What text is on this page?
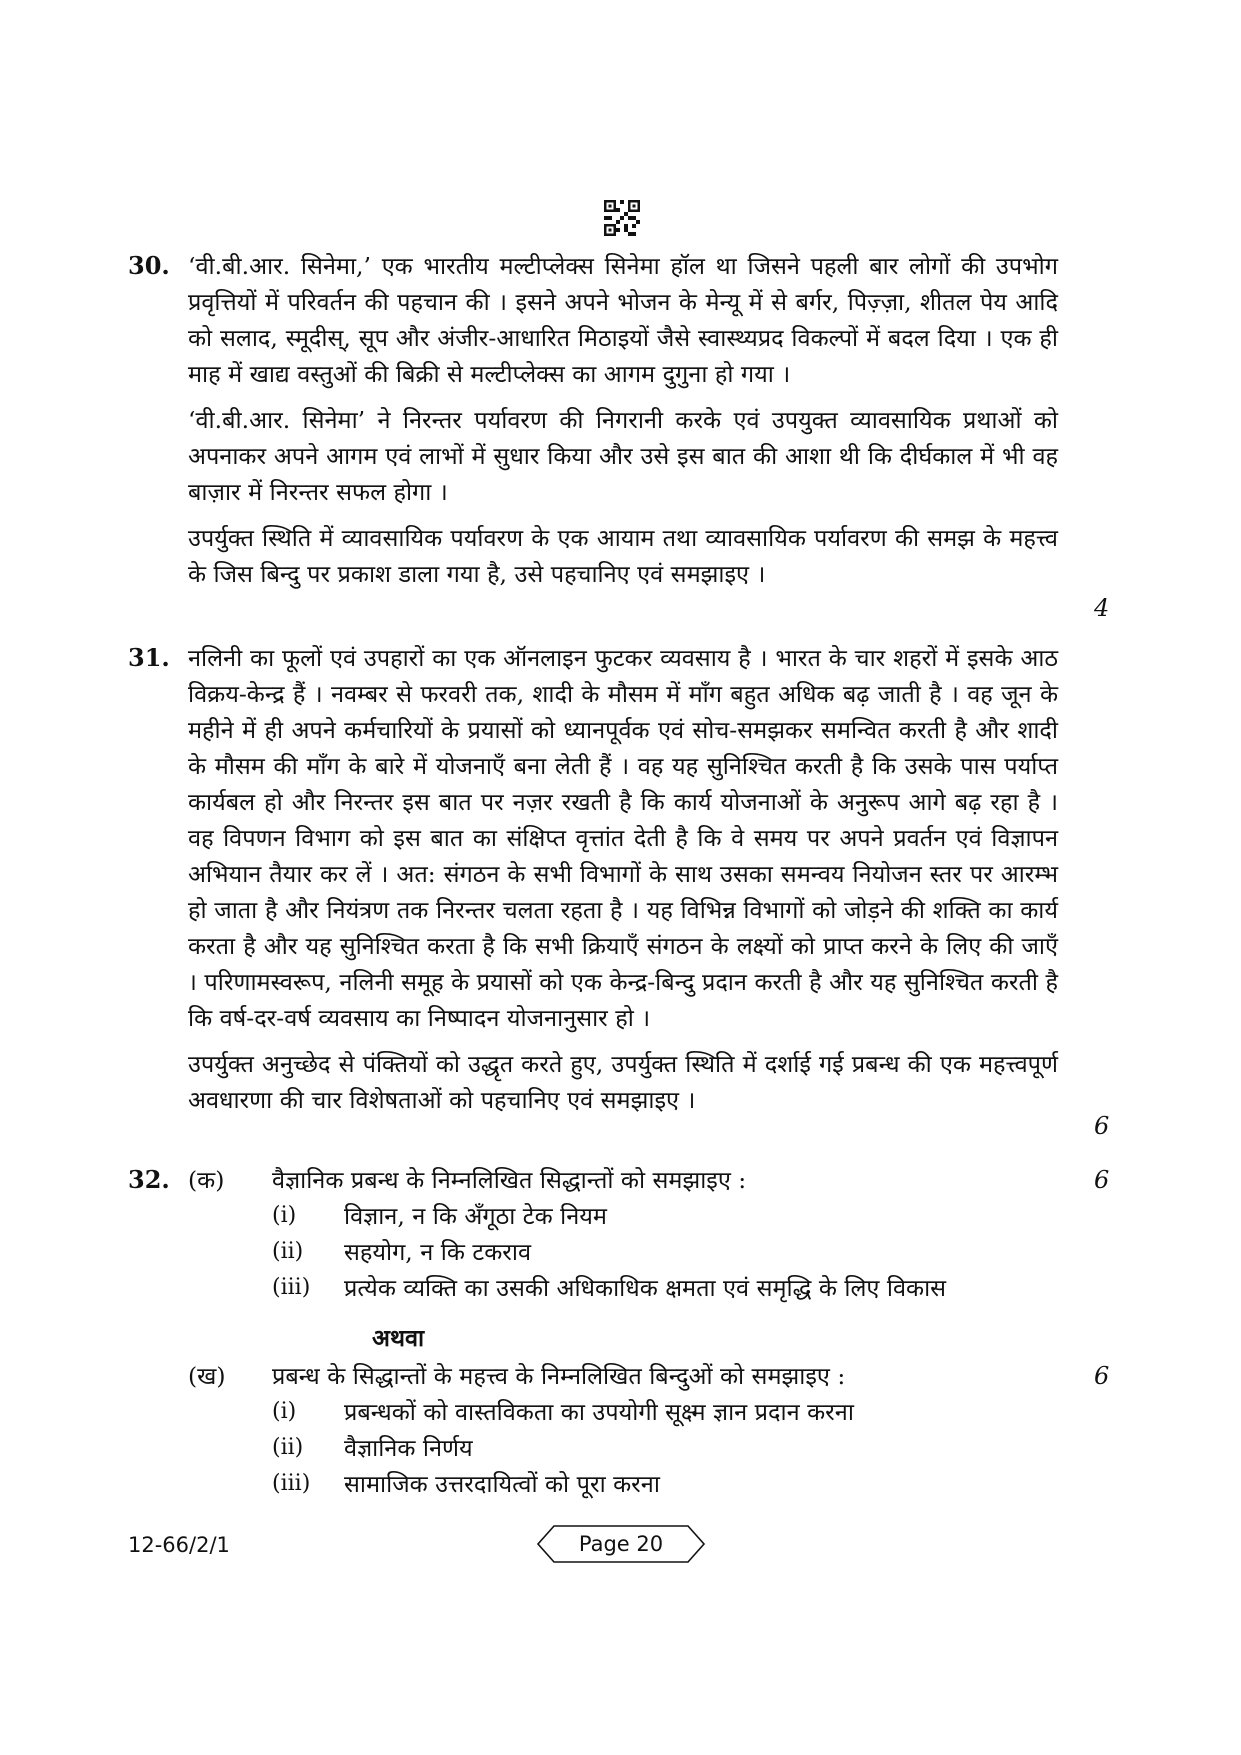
30. ‘वी.बी.आर. सिनेमा,’ एक भारतीय मल्टीप्लेक्स सिनेमा हॉल था जिसने पहली बार लोगों की उपभोग प्रवृत्तियों में परिवर्तन की पहचान की । इसने अपने भोजन के मेन्यू में से बर्गर, पिज़्ज़ा, शीतल पेय आदि को सलाद, स्मूदीस्, सूप और अंजीर-आधारित मिठाइयों जैसे स्वास्थ्यप्रद विकल्पों में बदल दिया । एक ही माह में खाद्य वस्तुओं की बिक्री से मल्टीप्लेक्स का आगम दुगुना हो गया ।

‘वी.बी.आर. सिनेमा’ ने निरन्तर पर्यावरण की निगरानी करके एवं उपयुक्त व्यावसायिक प्रथाओं को अपनाकर अपने आगम एवं लाभों में सुधार किया और उसे इस बात की आशा थी कि दीर्घकाल में भी वह बाज़ार में निरन्तर सफल होगा ।

उपर्युक्त स्थिति में व्यावसायिक पर्यावरण के एक आयाम तथा व्यावसायिक पर्यावरण की समझ के महत्त्व के जिस बिन्दु पर प्रकाश डाला गया है, उसे पहचानिए एवं समझाइए ।

4
31. नलिनी का फूलों एवं उपहारों का एक ऑनलाइन फुटकर व्यवसाय है । भारत के चार शहरों में इसके आठ विक्रय-केन्द्र हैं । नवम्बर से फरवरी तक, शादी के मौसम में माँग बहुत अधिक बढ़ जाती है । वह जून के महीने में ही अपने कर्मचारियों के प्रयासों को ध्यानपूर्वक एवं सोच-समझकर समन्वित करती है और शादी के मौसम की माँग के बारे में योजनाएँ बना लेती हैं । वह यह सुनिश्चित करती है कि उसके पास पर्याप्त कार्यबल हो और निरन्तर इस बात पर नज़र रखती है कि कार्य योजनाओं के अनुरूप आगे बढ़ रहा है । वह विपणन विभाग को इस बात का संक्षिप्त वृत्तांत देती है कि वे समय पर अपने प्रवर्तन एवं विज्ञापन अभियान तैयार कर लें । अत: संगठन के सभी विभागों के साथ उसका समन्वय नियोजन स्तर पर आरम्भ हो जाता है और नियंत्रण तक निरन्तर चलता रहता है । यह विभिन्न विभागों को जोड़ने की शक्ति का कार्य करता है और यह सुनिश्चित करता है कि सभी क्रियाएँ संगठन के लक्ष्यों को प्राप्त करने के लिए की जाएँ । परिणामस्वरूप, नलिनी समूह के प्रयासों को एक केन्द्र-बिन्दु प्रदान करती है और यह सुनिश्चित करती है कि वर्ष-दर-वर्ष व्यवसाय का निष्पादन योजनानुसार हो ।

उपर्युक्त अनुच्छेद से पंक्तियों को उद्धृत करते हुए, उपर्युक्त स्थिति में दर्शाई गई प्रबन्ध की एक महत्त्वपूर्ण अवधारणा की चार विशेषताओं को पहचानिए एवं समझाइए ।

6
32. (क) वैज्ञानिक प्रबन्ध के निम्नलिखित सिद्धान्तों को समझाइए :
(i) विज्ञान, न कि अँगूठा टेक नियम
(ii) सहयोग, न कि टकराव
(iii) प्रत्येक व्यक्ति का उसकी अधिकाधिक क्षमता एवं समृद्धि के लिए विकास
अथवा
(ख) प्रबन्ध के सिद्धान्तों के महत्त्व के निम्नलिखित बिन्दुओं को समझाइए :
(i) प्रबन्धकों को वास्तविकता का उपयोगी सूक्ष्म ज्ञान प्रदान करना
(ii) वैज्ञानिक निर्णय
(iii) सामाजिक उत्तरदायित्वों को पूरा करना
6
6
12-66/2/1	Page 20
